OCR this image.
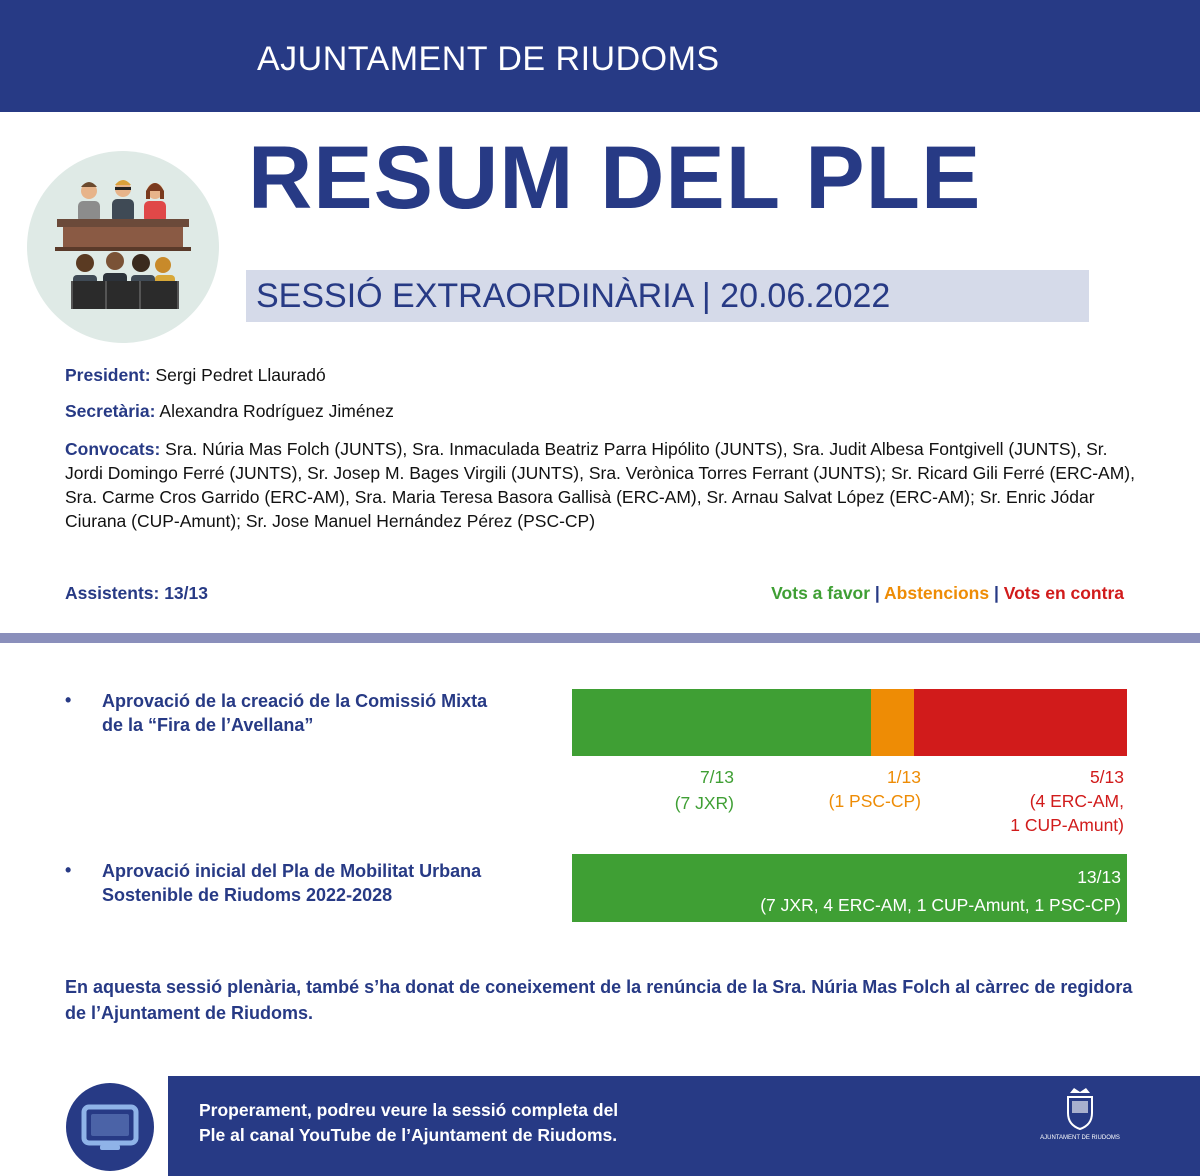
AJUNTAMENT DE RIUDOMS
RESUM DEL PLE
SESSIÓ EXTRAORDINÀRIA | 20.06.2022
President: Sergi Pedret Llauradó
Secretària: Alexandra Rodríguez Jiménez
Convocats: Sra. Núria Mas Folch (JUNTS), Sra. Inmaculada Beatriz Parra Hipólito (JUNTS), Sra. Judit Albesa Fontgivell (JUNTS), Sr. Jordi Domingo Ferré (JUNTS), Sr. Josep M. Bages Virgili (JUNTS), Sra. Verònica Torres Ferrant (JUNTS); Sr. Ricard Gili Ferré (ERC-AM), Sra. Carme Cros Garrido (ERC-AM), Sra. Maria Teresa Basora Gallisà (ERC-AM), Sr. Arnau Salvat López (ERC-AM); Sr. Enric Jódar Ciurana (CUP-Amunt); Sr. Jose Manuel Hernández Pérez (PSC-CP)
Assistents: 13/13	Vots a favor | Abstencions | Vots en contra
• Aprovació de la creació de la Comissió Mixta de la “Fira de l’Avellana”
7/13
(7 JXR)
1/13
(1 PSC-CP)
5/13
(4 ERC-AM,
1 CUP-Amunt)
• Aprovació inicial del Pla de Mobilitat Urbana Sostenible de Riudoms 2022-2028
13/13
(7 JXR, 4 ERC-AM, 1 CUP-Amunt, 1 PSC-CP)
En aquesta sessió plenària, també s’ha donat de coneixement de la renúncia de la Sra. Núria Mas Folch al càrrec de regidora de l’Ajuntament de Riudoms.
Properament, podreu veure la sessió completa del
Ple al canal YouTube de l’Ajuntament de Riudoms.	AJUNTAMENT DE RIUDOMS
